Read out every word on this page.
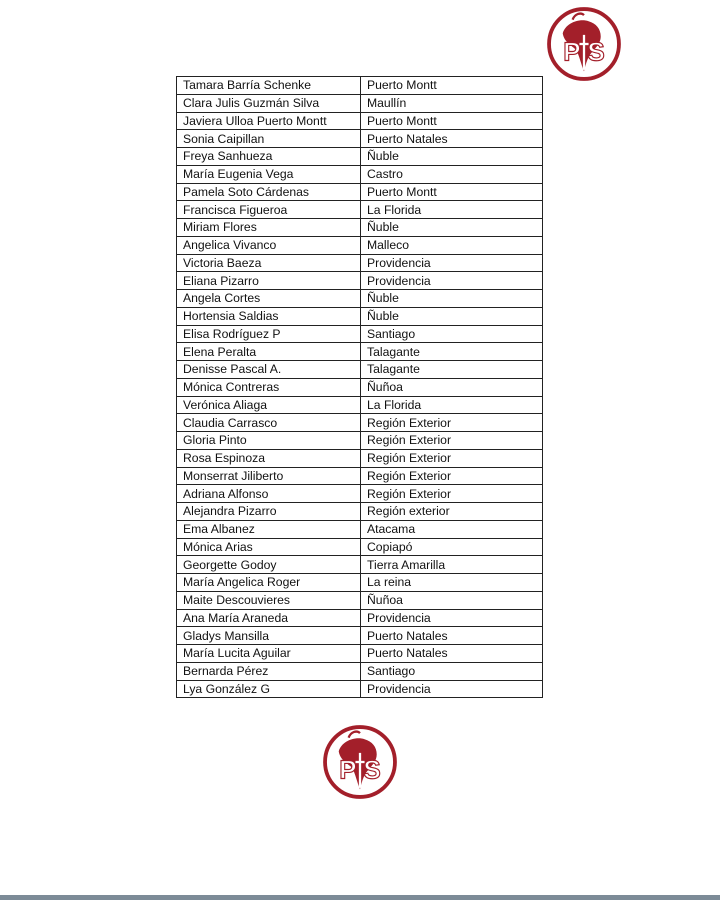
P S
Tamara Barría Schenke	Puerto Montt
Clara Julis Guzmán Silva	Maullín
Javiera Ulloa Puerto Montt	Puerto Montt
Sonia Caipillan	Puerto Natales
Freya Sanhueza	Ñuble
María Eugenia Vega	Castro
Pamela Soto Cárdenas	Puerto Montt
Francisca Figueroa	La Florida
Miriam Flores	Ñuble
Angelica Vivanco	Malleco
Victoria Baeza	Providencia
Eliana Pizarro	Providencia
Angela Cortes	Ñuble
Hortensia Saldias	Ñuble
Elisa Rodríguez P	Santiago
Elena Peralta	Talagante
Denisse Pascal A.	Talagante
Mónica Contreras	Ñuñoa
Verónica Aliaga	La Florida
Claudia Carrasco	Región Exterior
Gloria Pinto	Región Exterior
Rosa Espinoza	Región Exterior
Monserrat Jiliberto	Región Exterior
Adriana Alfonso	Región Exterior
Alejandra Pizarro	Región exterior
Ema Albanez	Atacama
Mónica Arias	Copiapó
Georgette Godoy	Tierra Amarilla
María Angelica Roger	La reina
Maite Descouvieres	Ñuñoa
Ana María Araneda	Providencia
Gladys Mansilla	Puerto Natales
María Lucita Aguilar	Puerto Natales
Bernarda Pérez	Santiago
Lya González G	Providencia
P S
